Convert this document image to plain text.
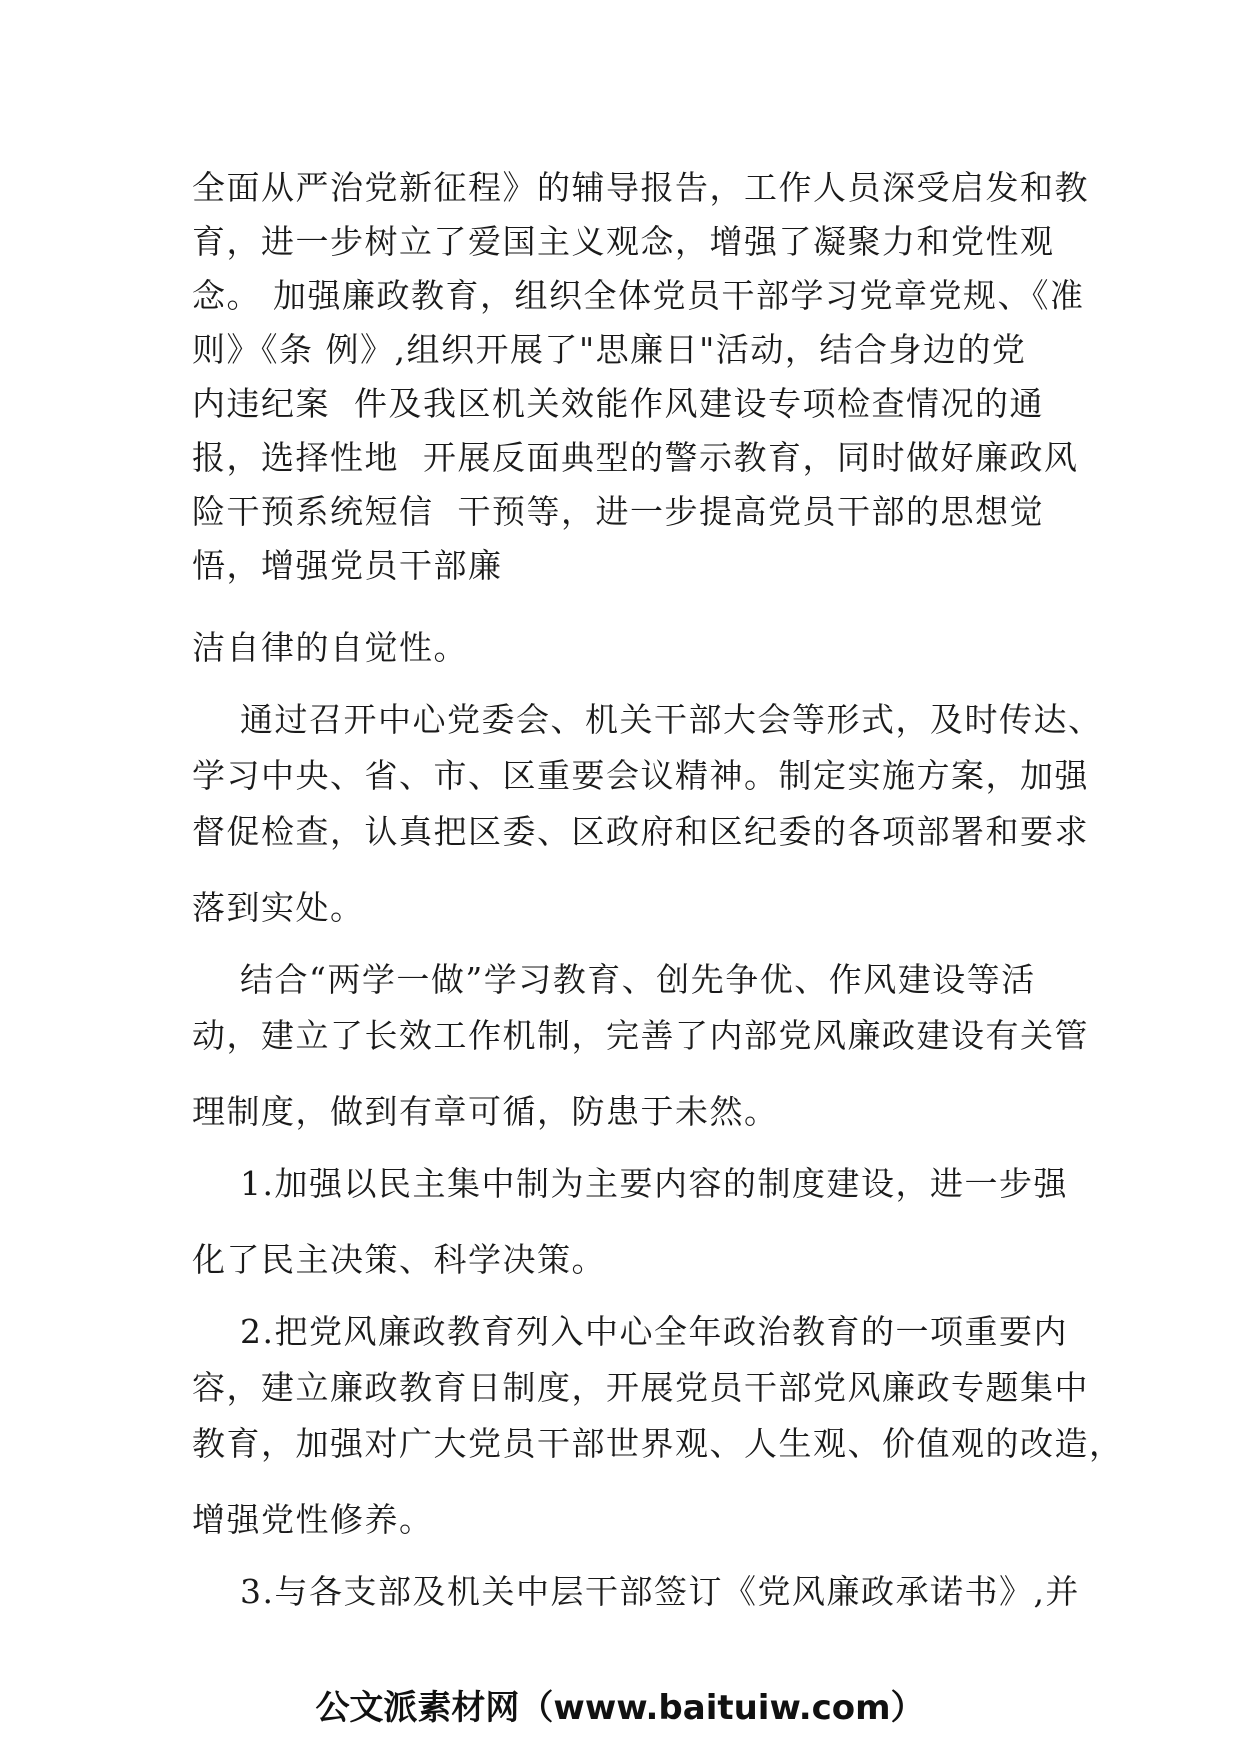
全面从严治党新征程》的辅导报告，工作人员深受启发和教
育，进一步树立了爱国主义观念，增强了凝聚力和党性观
念。 加强廉政教育，组织全体党员干部学习党章党规、《准
则》《条 例》,组织开展了"思廉日"活动，结合身边的党
内违纪案  件及我区机关效能作风建设专项检查情况的通
报，选择性地  开展反面典型的警示教育，同时做好廉政风
险干预系统短信  干预等，进一步提高党员干部的思想觉
悟，增强党员干部廉
洁自律的自觉性。
通过召开中心党委会、机关干部大会等形式，及时传达、
学习中央、省、市、区重要会议精神。制定实施方案，加强
督促检查，认真把区委、区政府和区纪委的各项部署和要求
落到实处。
结合“两学一做”学习教育、创先争优、作风建设等活
动，建立了长效工作机制，完善了内部党风廉政建设有关管
理制度，做到有章可循，防患于未然。
1.加强以民主集中制为主要内容的制度建设，进一步强
化了民主决策、科学决策。
2.把党风廉政教育列入中心全年政治教育的一项重要内
容，建立廉政教育日制度，开展党员干部党风廉政专题集中
教育，加强对广大党员干部世界观、人生观、价值观的改造，
增强党性修养。
3.与各支部及机关中层干部签订《党风廉政承诺书》,并
公文派素材网（www.baituiw.com）
